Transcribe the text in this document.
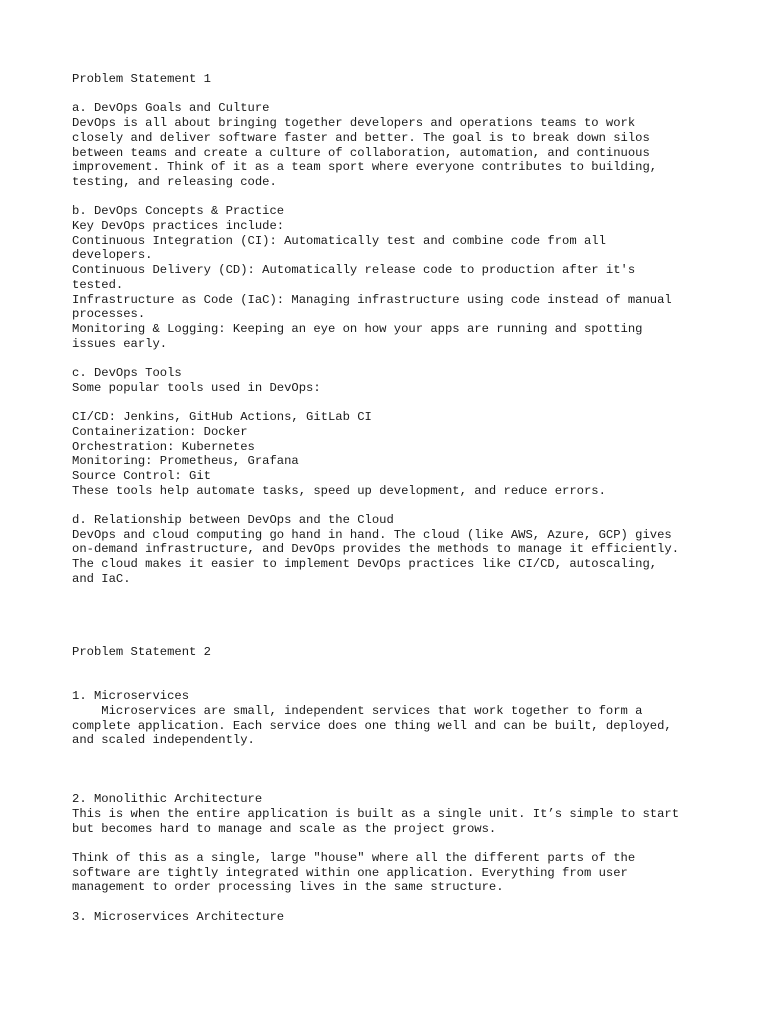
Problem Statement 1
a. DevOps Goals and Culture
DevOps is all about bringing together developers and operations teams to work
closely and deliver software faster and better. The goal is to break down silos
between teams and create a culture of collaboration, automation, and continuous
improvement. Think of it as a team sport where everyone contributes to building,
testing, and releasing code.
b. DevOps Concepts & Practice
Key DevOps practices include:
Continuous Integration (CI): Automatically test and combine code from all
developers.
Continuous Delivery (CD): Automatically release code to production after it's
tested.
Infrastructure as Code (IaC): Managing infrastructure using code instead of manual
processes.
Monitoring & Logging: Keeping an eye on how your apps are running and spotting
issues early.
c. DevOps Tools
Some popular tools used in DevOps:
CI/CD: Jenkins, GitHub Actions, GitLab CI
Containerization: Docker
Orchestration: Kubernetes
Monitoring: Prometheus, Grafana
Source Control: Git
These tools help automate tasks, speed up development, and reduce errors.
d. Relationship between DevOps and the Cloud
DevOps and cloud computing go hand in hand. The cloud (like AWS, Azure, GCP) gives
on-demand infrastructure, and DevOps provides the methods to manage it efficiently.
The cloud makes it easier to implement DevOps practices like CI/CD, autoscaling,
and IaC.
Problem Statement 2
1. Microservices
Microservices are small, independent services that work together to form a
complete application. Each service does one thing well and can be built, deployed,
and scaled independently.
2. Monolithic Architecture
This is when the entire application is built as a single unit. It’s simple to start
but becomes hard to manage and scale as the project grows.
Think of this as a single, large "house" where all the different parts of the
software are tightly integrated within one application. Everything from user
management to order processing lives in the same structure.
3. Microservices Architecture
